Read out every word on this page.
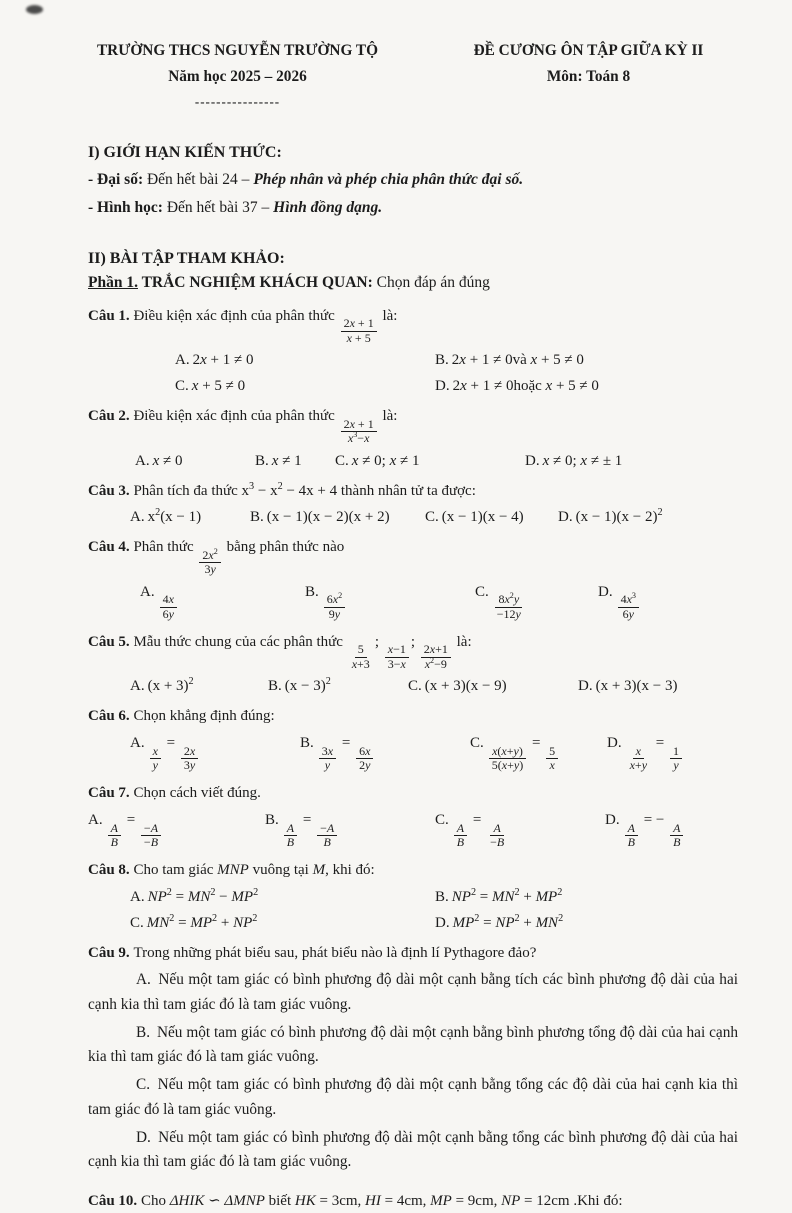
TRƯỜNG THCS NGUYỄN TRƯỜNG TỘ
Năm học 2025 – 2026
----------------
ĐỀ CƯƠNG ÔN TẬP GIỮA KỲ II
Môn: Toán 8
I) GIỚI HẠN KIẾN THỨC:
- Đại số: Đến hết bài 24 – Phép nhân và phép chia phân thức đại số.
- Hình học: Đến hết bài 37 – Hình đồng dạng.
II) BÀI TẬP THAM KHẢO:
Phần 1. TRẮC NGHIỆM KHÁCH QUAN: Chọn đáp án đúng
Câu 1. Điều kiện xác định của phân thức
$\frac{2x + 1}{x + 5}$
là:
A. 2x + 1 ≠ 0	B. 2x + 1 ≠ 0và x + 5 ≠ 0
C. x + 5 ≠ 0	D. 2x + 1 ≠ 0hoặc x + 5 ≠ 0
Câu 2. Điều kiện xác định của phân thức
$\frac{2x + 1}{x^3-x}$
là:
A. x ≠ 0	B. x ≠ 1	C. x ≠ 0; x ≠ 1	D. x ≠ 0; x ≠ ± 1
Câu 3. Phân tích đa thức $x^3 - x^2 - 4x + 4$ thành nhân tử ta được:
A. $x^2(x - 1)$	B. (x − 1)(x − 2)(x + 2)	C. (x − 1)(x − 4)	D. $(x - 1)(x - 2)^2$
Câu 4. Phân thức
$\frac{2x^2}{3y}$
bằng phân thức nào
A.
$\frac{4x}{6y}$
B.
$\frac{6x^2}{9y}$
C.
$\frac{8x^2y}{-12y}$
D.
$\frac{4x^3}{6y}$
Câu 5. Mẫu thức chung của các phân thức
$\frac{5}{x+3}$
;
$\frac{x-1}{3-x}$
;
$\frac{2x+1}{x^2-9}$
là:
A. $(x + 3)^2$	B. $(x - 3)^2$	C. (x + 3)(x − 9)	D. (x + 3)(x − 3)
Câu 6. Chọn khẳng định đúng:
A.
$\frac{x}{y}$
=
$\frac{2x}{3y}$
B.
$\frac{3x}{y}$
=
$\frac{6x}{2y}$
C.
$\frac{x(x+y)}{5(x+y)}$
=
$\frac{5}{x}$
D.
$\frac{x}{x+y}$
=
$\frac{1}{y}$
Câu 7. Chọn cách viết đúng.
A.
$\frac{A}{B}$
=
$\frac{-A}{-B}$
B.
$\frac{A}{B}$
=
$\frac{-A}{B}$
C.
$\frac{A}{B}$
=
$\frac{A}{-B}$
D.
$\frac{A}{B}$
= −
$\frac{A}{B}$
Câu 8. Cho tam giác MNP vuông tại M, khi đó:
A. $NP^2 = MN^2 - MP^2$	B. $NP^2 = MN^2 + MP^2$
C. $MN^2 = MP^2 + NP^2$	D. $MP^2 = NP^2 + MN^2$
Câu 9. Trong những phát biểu sau, phát biểu nào là định lí Pythagore đảo?

A. Nếu một tam giác có bình phương độ dài một cạnh bằng tích các bình phương độ dài của hai cạnh kia thì tam giác đó là tam giác vuông.

B. Nếu một tam giác có bình phương độ dài một cạnh bằng bình phương tổng độ dài của hai cạnh kia thì tam giác đó là tam giác vuông.

C. Nếu một tam giác có bình phương độ dài một cạnh bằng tổng các độ dài của hai cạnh kia thì tam giác đó là tam giác vuông.

D. Nếu một tam giác có bình phương độ dài một cạnh bằng tổng các bình phương độ dài của hai cạnh kia thì tam giác đó là tam giác vuông.

Câu 10. Cho ΔHIK ∽ ΔMNP biết HK = 3cm, HI = 4cm, MP = 9cm, NP = 12cm .Khi đó:
